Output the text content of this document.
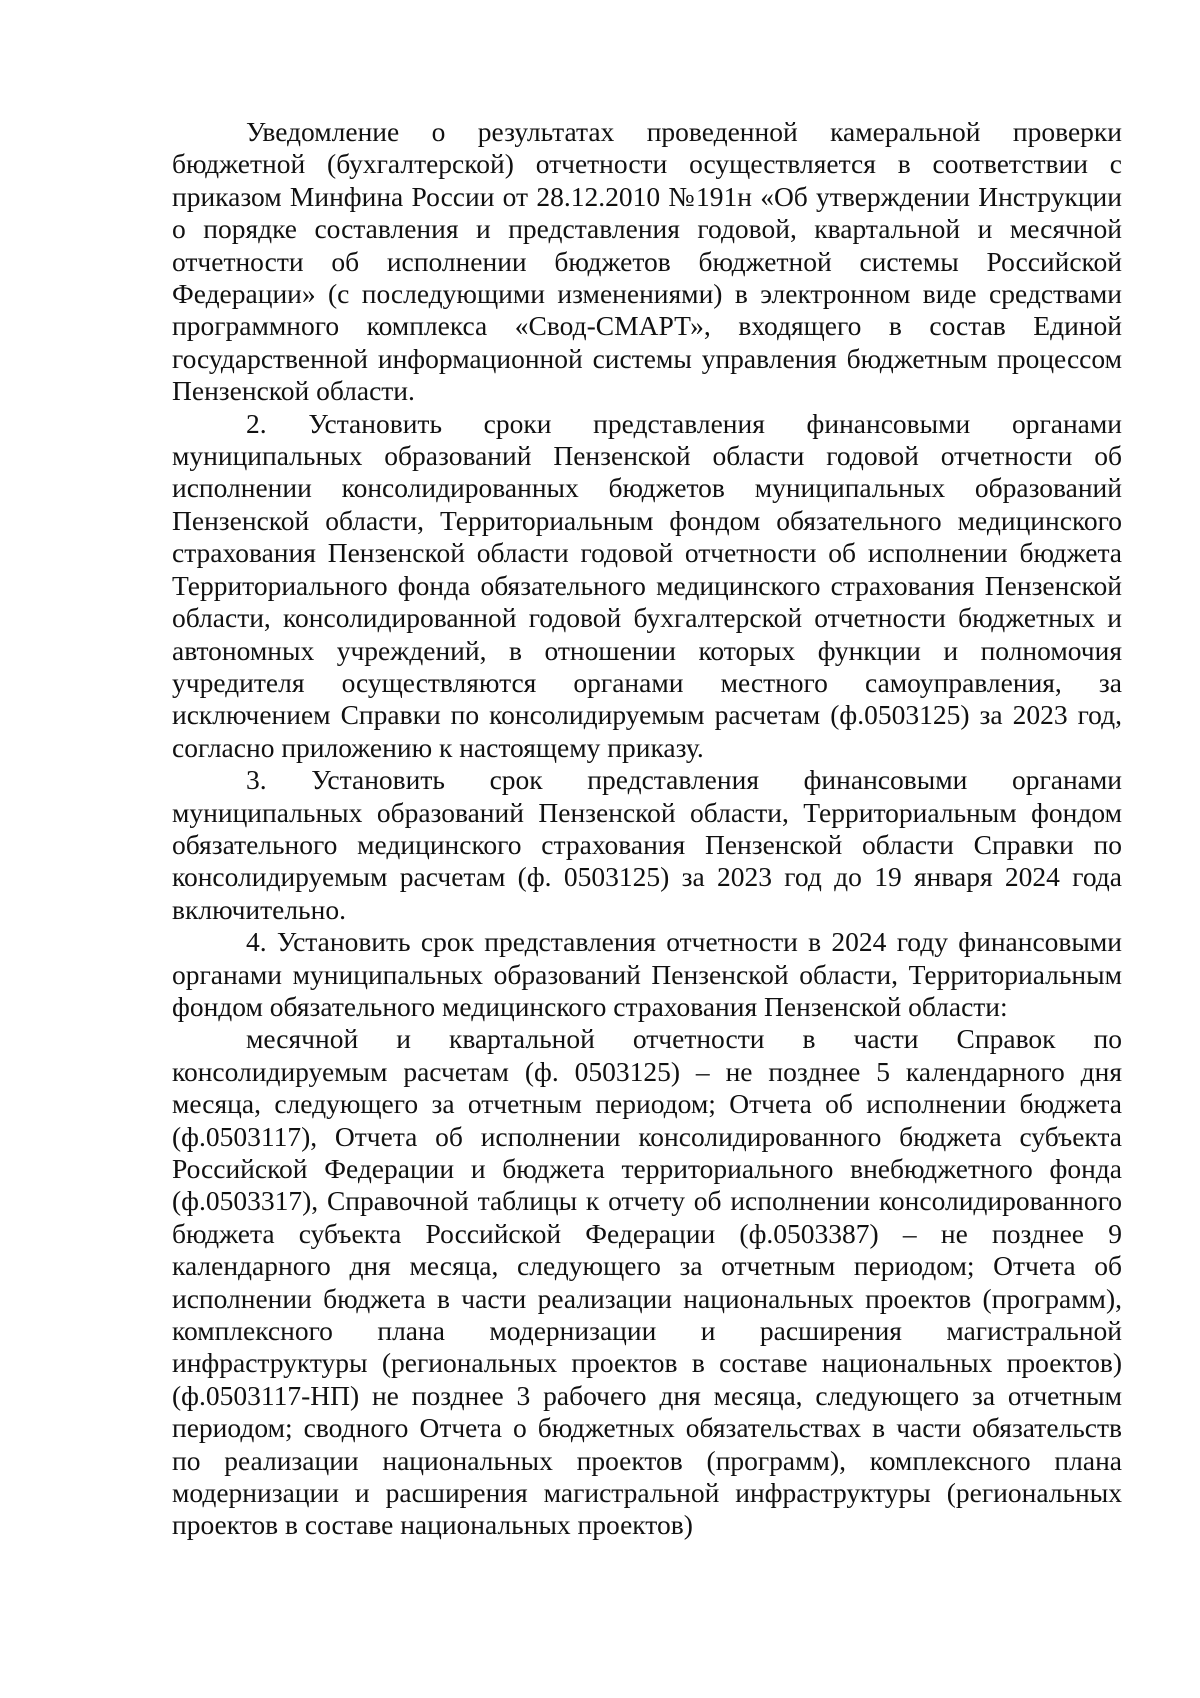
Уведомление о результатах проведенной камеральной проверки бюджетной (бухгалтерской) отчетности осуществляется в соответствии с приказом Минфина России от 28.12.2010 №191н «Об утверждении Инструкции о порядке составления и представления годовой, квартальной и месячной отчетности об исполнении бюджетов бюджетной системы Российской Федерации» (с последующими изменениями) в электронном виде средствами программного комплекса «Свод-СМАРТ», входящего в состав Единой государственной информационной системы управления бюджетным процессом Пензенской области.

2. Установить сроки представления финансовыми органами муниципальных образований Пензенской области годовой отчетности об исполнении консолидированных бюджетов муниципальных образований Пензенской области, Территориальным фондом обязательного медицинского страхования Пензенской области годовой отчетности об исполнении бюджета Территориального фонда обязательного медицинского страхования Пензенской области, консолидированной годовой бухгалтерской отчетности бюджетных и автономных учреждений, в отношении которых функции и полномочия учредителя осуществляются органами местного самоуправления, за исключением Справки по консолидируемым расчетам (ф.0503125) за 2023 год, согласно приложению к настоящему приказу.

3. Установить срок представления финансовыми органами муниципальных образований Пензенской области, Территориальным фондом обязательного медицинского страхования Пензенской области Справки по консолидируемым расчетам (ф. 0503125) за 2023 год до 19 января 2024 года включительно.

4. Установить срок представления отчетности в 2024 году финансовыми органами муниципальных образований Пензенской области, Территориальным фондом обязательного медицинского страхования Пензенской области:

месячной и квартальной отчетности в части Справок по консолидируемым расчетам (ф. 0503125) – не позднее 5 календарного дня месяца, следующего за отчетным периодом; Отчета об исполнении бюджета (ф.0503117), Отчета об исполнении консолидированного бюджета субъекта Российской Федерации и бюджета территориального внебюджетного фонда (ф.0503317), Справочной таблицы к отчету об исполнении консолидированного бюджета субъекта Российской Федерации (ф.0503387) – не позднее 9 календарного дня месяца, следующего за отчетным периодом; Отчета об исполнении бюджета в части реализации национальных проектов (программ), комплексного плана модернизации и расширения магистральной инфраструктуры (региональных проектов в составе национальных проектов) (ф.0503117-НП) не позднее 3 рабочего дня месяца, следующего за отчетным периодом; сводного Отчета о бюджетных обязательствах в части обязательств по реализации национальных проектов (программ), комплексного плана модернизации и расширения магистральной инфраструктуры (региональных проектов в составе национальных проектов)
